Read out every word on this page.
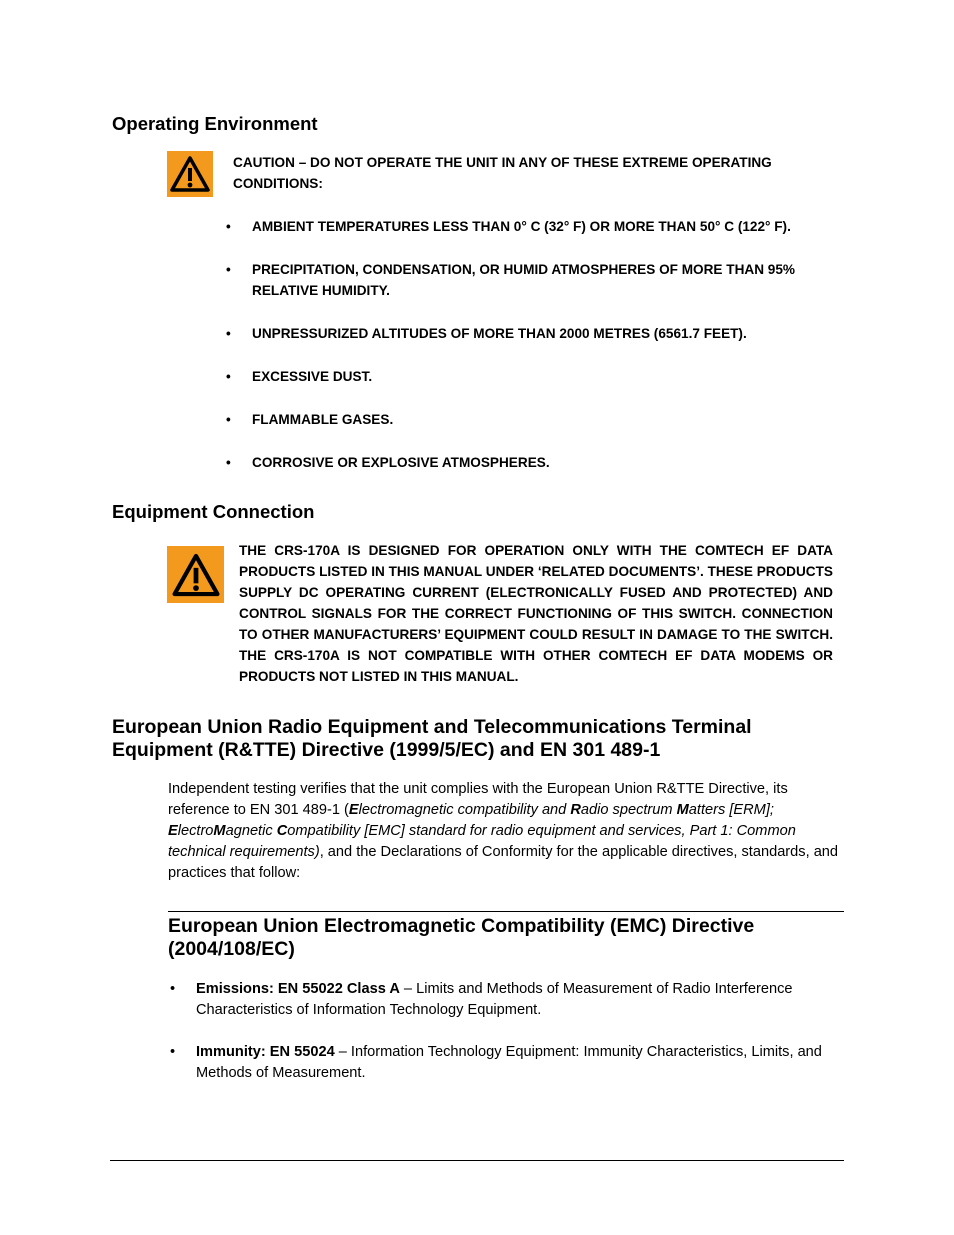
Operating Environment
CAUTION – DO NOT OPERATE THE UNIT IN ANY OF THESE EXTREME OPERATING
CONDITIONS:
• AMBIENT TEMPERATURES LESS THAN 0° C (32° F) OR MORE THAN 50° C (122° F).
• PRECIPITATION, CONDENSATION, OR HUMID ATMOSPHERES OF MORE THAN 95%
RELATIVE HUMIDITY.
• UNPRESSURIZED ALTITUDES OF MORE THAN 2000 METRES (6561.7 FEET).
• EXCESSIVE DUST.
• FLAMMABLE GASES.
• CORROSIVE OR EXPLOSIVE ATMOSPHERES.
Equipment Connection

THE CRS-170A IS DESIGNED FOR OPERATION ONLY WITH THE COMTECH EF DATA PRODUCTS LISTED IN THIS MANUAL UNDER ‘RELATED DOCUMENTS’. THESE PRODUCTS SUPPLY DC OPERATING CURRENT (ELECTRONICALLY FUSED AND PROTECTED) AND CONTROL SIGNALS FOR THE CORRECT FUNCTIONING OF THIS SWITCH. CONNECTION TO OTHER MANUFACTURERS’ EQUIPMENT COULD RESULT IN DAMAGE TO THE SWITCH. THE CRS-170A IS NOT COMPATIBLE WITH OTHER COMTECH EF DATA MODEMS OR PRODUCTS NOT LISTED IN THIS MANUAL.

European Union Radio Equipment and Telecommunications Terminal
Equipment (R&TTE) Directive (1999/5/EC) and EN 301 489-1

Independent testing verifies that the unit complies with the European Union R&TTE Directive, its reference to EN 301 489-1 (Electromagnetic compatibility and Radio spectrum Matters [ERM]; ElectroMagnetic Compatibility [EMC] standard for radio equipment and services, Part 1: Common technical requirements), and the Declarations of Conformity for the applicable directives, standards, and practices that follow:

European Union Electromagnetic Compatibility (EMC) Directive
(2004/108/EC)
• Emissions: EN 55022 Class A – Limits and Methods of Measurement of Radio Interference Characteristics of Information Technology Equipment.
• Immunity: EN 55024 – Information Technology Equipment: Immunity Characteristics, Limits, and Methods of Measurement.
